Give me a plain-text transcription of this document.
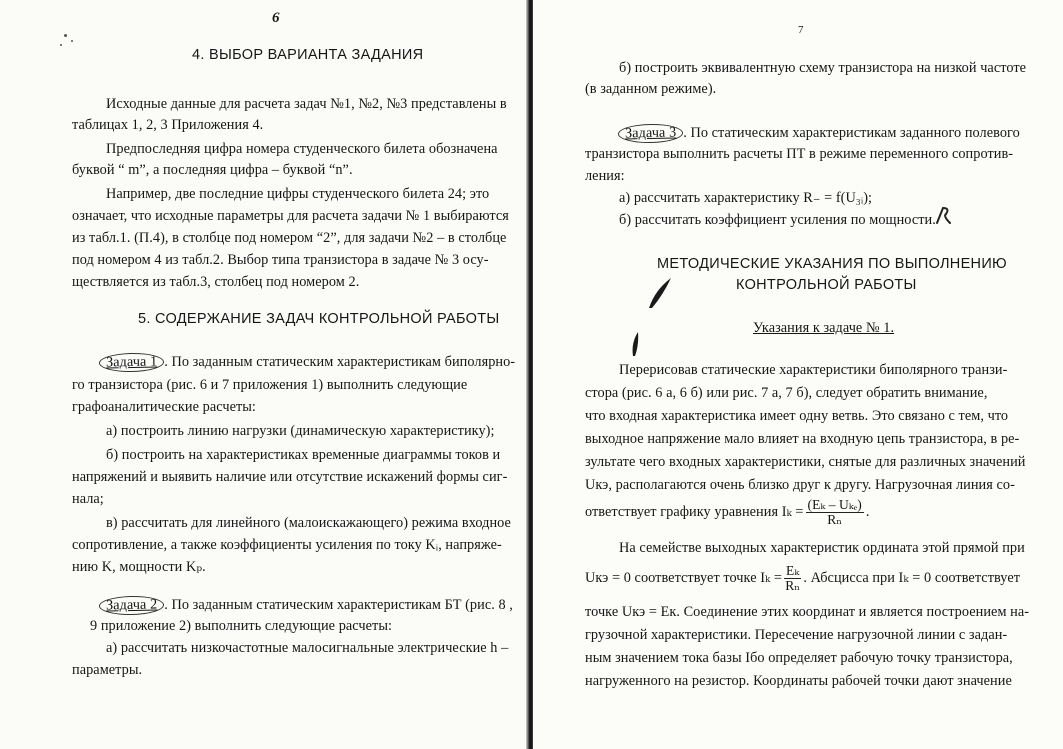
6
4. ВЫБОР ВАРИАНТА ЗАДАНИЯ
Исходные данные для расчета задач №1, №2, №3 представлены в
таблицах 1, 2, 3 Приложения 4.
Предпоследняя цифра номера студенческого билета обозначена
буквой “ m”, а последняя цифра – буквой “n”.
Например, две последние цифры студенческого билета 24; это
означает, что исходные параметры для расчета задачи № 1 выбираются
из табл.1. (П.4), в столбце под номером “2”, для задачи №2 – в столбце
под номером 4 из табл.2. Выбор типа транзистора в задаче № 3 осу-
ществляется из табл.3, столбец под номером 2.
5. СОДЕРЖАНИЕ ЗАДАЧ КОНТРОЛЬНОЙ РАБОТЫ
Задача 1 . По заданным статическим характеристикам биполярно-
го транзистора (рис. 6 и 7 приложения 1) выполнить следующие
графоаналитические расчеты:
а) построить линию нагрузки (динамическую характеристику);
б) построить на характеристиках временные диаграммы токов и
напряжений и выявить наличие или отсутствие искажений формы сиг-
нала;
в) рассчитать для линейного (малоискажающего) режима входное
сопротивление, а также коэффициенты усиления по току Kᵢ, напряже-
нию K, мощности Kₚ.
Задача 2 . По заданным статическим характеристикам БТ (рис. 8 ,
9 приложение 2) выполнить следующие расчеты:
а) рассчитать низкочастотные малосигнальные электрические h –
параметры.
7
б) построить эквивалентную схему транзистора на низкой частоте
(в заданном режиме).
Задача 3 . По статическим характеристикам заданного полевого
транзистора выполнить расчеты ПТ в режиме переменного сопротив-
ления:
а) рассчитать характеристику R₋ = f(U₃ᵢ);
б) рассчитать коэффициент усиления по мощности.
МЕТОДИЧЕСКИЕ УКАЗАНИЯ ПО ВЫПОЛНЕНИЮ
КОНТРОЛЬНОЙ РАБОТЫ
Указания к задаче № 1.
Перерисовав статические характеристики биполярного транзи-
стора (рис. 6 а, 6 б) или рис. 7 а, 7 б), следует обратить внимание,
что входная характеристика имеет одну ветвь. Это связано с тем, что
выходное напряжение мало влияет на входную цепь транзистора, в ре-
зультате чего входных характеристики, снятые для различных значений
Uкэ, располагаются очень близко друг к другу. Нагрузочная линия со-
ответствует графику уравнения $I_k = \frac{\text{(Eₖ – Uₖₑ)}}{\text{Rₙ}}$ .
На семействе выходных характеристик ордината этой прямой при
Uкэ = 0 соответствует точке $I_k = \frac{\text{Eₖ}}{\text{Rₙ}}$ . Абсцисса при Iₖ = 0 соответствует
точке Uкэ = Eк. Соединение этих координат и является построением на-
грузочной характеристики. Пересечение нагрузочной линии с задан-
ным значением тока базы Iбо определяет рабочую точку транзистора,
нагруженного на резистор. Координаты рабочей точки дают значение
